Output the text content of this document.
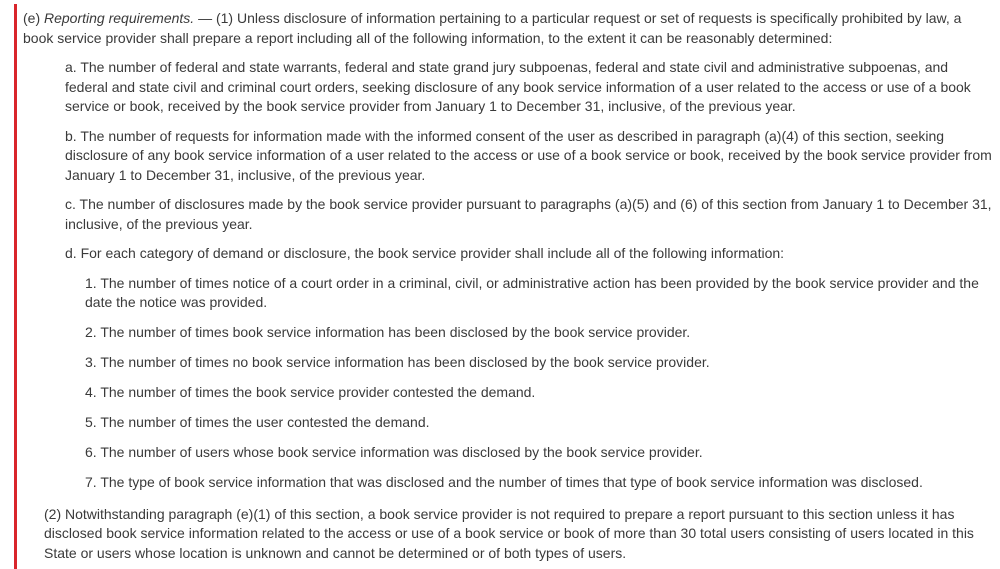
(e) Reporting requirements. — (1) Unless disclosure of information pertaining to a particular request or set of requests is specifically prohibited by law, a book service provider shall prepare a report including all of the following information, to the extent it can be reasonably determined:

a. The number of federal and state warrants, federal and state grand jury subpoenas, federal and state civil and administrative subpoenas, and federal and state civil and criminal court orders, seeking disclosure of any book service information of a user related to the access or use of a book service or book, received by the book service provider from January 1 to December 31, inclusive, of the previous year.

b. The number of requests for information made with the informed consent of the user as described in paragraph (a)(4) of this section, seeking disclosure of any book service information of a user related to the access or use of a book service or book, received by the book service provider from January 1 to December 31, inclusive, of the previous year.

c. The number of disclosures made by the book service provider pursuant to paragraphs (a)(5) and (6) of this section from January 1 to December 31, inclusive, of the previous year.

d. For each category of demand or disclosure, the book service provider shall include all of the following information:

1. The number of times notice of a court order in a criminal, civil, or administrative action has been provided by the book service provider and the date the notice was provided.

2. The number of times book service information has been disclosed by the book service provider.

3. The number of times no book service information has been disclosed by the book service provider.

4. The number of times the book service provider contested the demand.

5. The number of times the user contested the demand.

6. The number of users whose book service information was disclosed by the book service provider.

7. The type of book service information that was disclosed and the number of times that type of book service information was disclosed.

(2) Notwithstanding paragraph (e)(1) of this section, a book service provider is not required to prepare a report pursuant to this section unless it has disclosed book service information related to the access or use of a book service or book of more than 30 total users consisting of users located in this State or users whose location is unknown and cannot be determined or of both types of users.
